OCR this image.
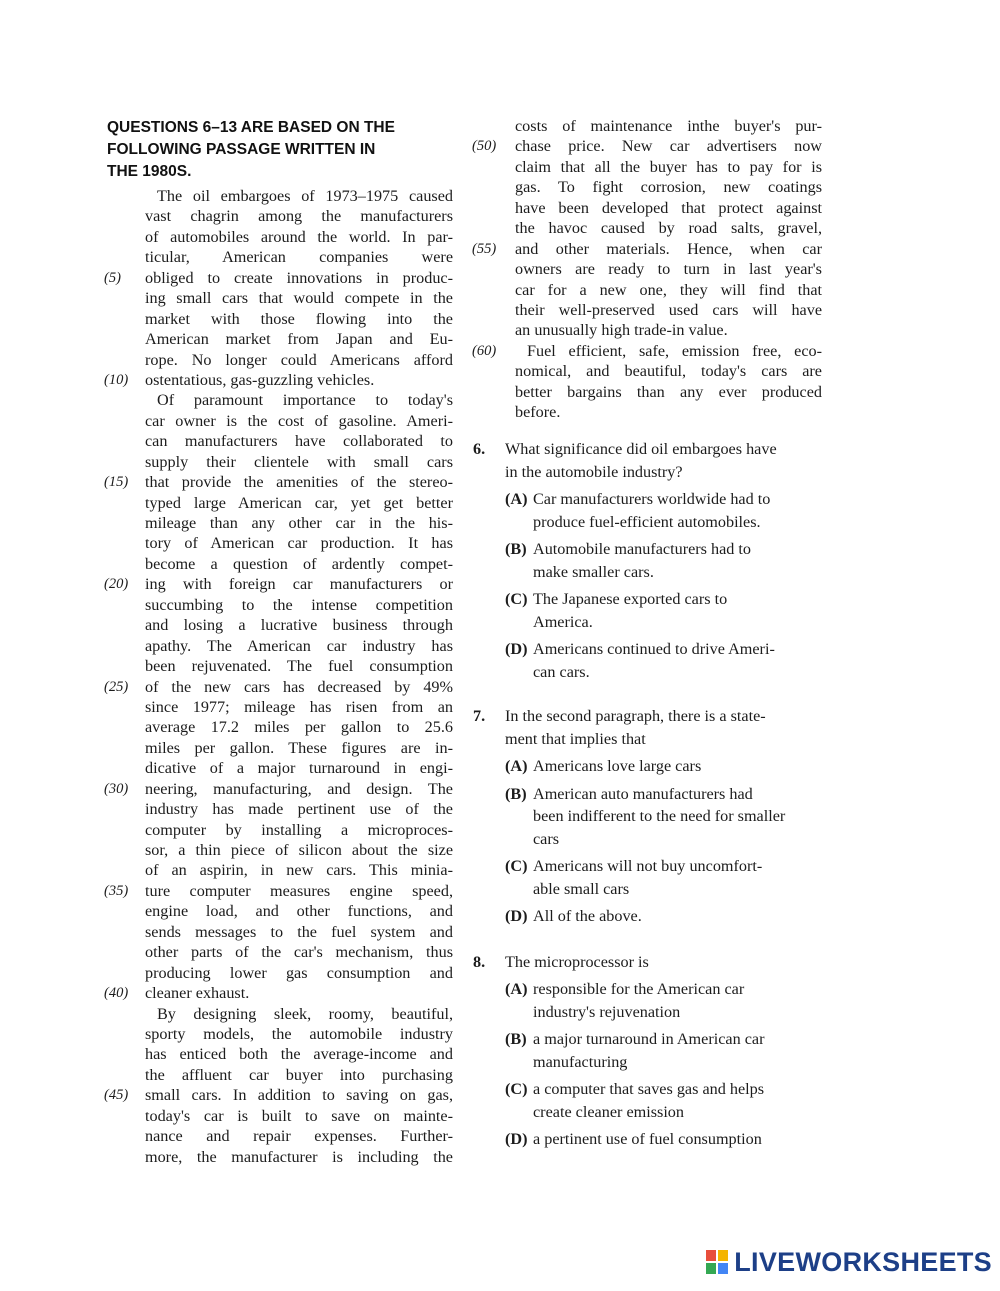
QUESTIONS 6–13 ARE BASED ON THE
FOLLOWING PASSAGE WRITTEN IN
THE 1980S.
The oil embargoes of 1973–1975 caused
vast chagrin among the manufacturers
of automobiles around the world. In par-
ticular, American companies were
(5)	obliged to create innovations in produc-
ing small cars that would compete in the
market with those flowing into the
American market from Japan and Eu-
rope. No longer could Americans afford
(10)	ostentatious, gas-guzzling vehicles.
Of paramount importance to today's
car owner is the cost of gasoline. Ameri-
can manufacturers have collaborated to
supply their clientele with small cars
(15)	that provide the amenities of the stereo-
typed large American car, yet get better
mileage than any other car in the his-
tory of American car production. It has
become a question of ardently compet-
(20)	ing with foreign car manufacturers or
succumbing to the intense competition
and losing a lucrative business through
apathy. The American car industry has
been rejuvenated. The fuel consumption
(25)	of the new cars has decreased by 49%
since 1977; mileage has risen from an
average 17.2 miles per gallon to 25.6
miles per gallon. These figures are in-
dicative of a major turnaround in engi-
(30)	neering, manufacturing, and design. The
industry has made pertinent use of the
computer by installing a microproces-
sor, a thin piece of silicon about the size
of an aspirin, in new cars. This minia-
(35)	ture computer measures engine speed,
engine load, and other functions, and
sends messages to the fuel system and
other parts of the car's mechanism, thus
producing lower gas consumption and
(40)	cleaner exhaust.
By designing sleek, roomy, beautiful,
sporty models, the automobile industry
has enticed both the average-income and
the affluent car buyer into purchasing
(45)	small cars. In addition to saving on gas,
today's car is built to save on mainte-
nance and repair expenses. Further-
more, the manufacturer is including the
costs of maintenance inthe buyer's pur-
(50)	chase price. New car advertisers now
claim that all the buyer has to pay for is
gas. To fight corrosion, new coatings
have been developed that protect against
the havoc caused by road salts, gravel,
(55)	and other materials. Hence, when car
owners are ready to turn in last year's
car for a new one, they will find that
their well-preserved used cars will have
an unusually high trade-in value.
(60)	Fuel efficient, safe, emission free, eco-
nomical, and beautiful, today's cars are
better bargains than any ever produced
before.
6. What significance did oil embargoes have
in the automobile industry?
(A) Car manufacturers worldwide had to
produce fuel-efficient automobiles.
(B) Automobile manufacturers had to
make smaller cars.
(C) The Japanese exported cars to
America.
(D) Americans continued to drive Ameri-
can cars.
7. In the second paragraph, there is a state-
ment that implies that
(A) Americans love large cars
(B) American auto manufacturers had
been indifferent to the need for smaller
cars
(C) Americans will not buy uncomfort-
able small cars
(D) All of the above.
8. The microprocessor is
(A) responsible for the American car
industry's rejuvenation
(B) a major turnaround in American car
manufacturing
(C) a computer that saves gas and helps
create cleaner emission
(D) a pertinent use of fuel consumption
LIVEWORKSHEETS
